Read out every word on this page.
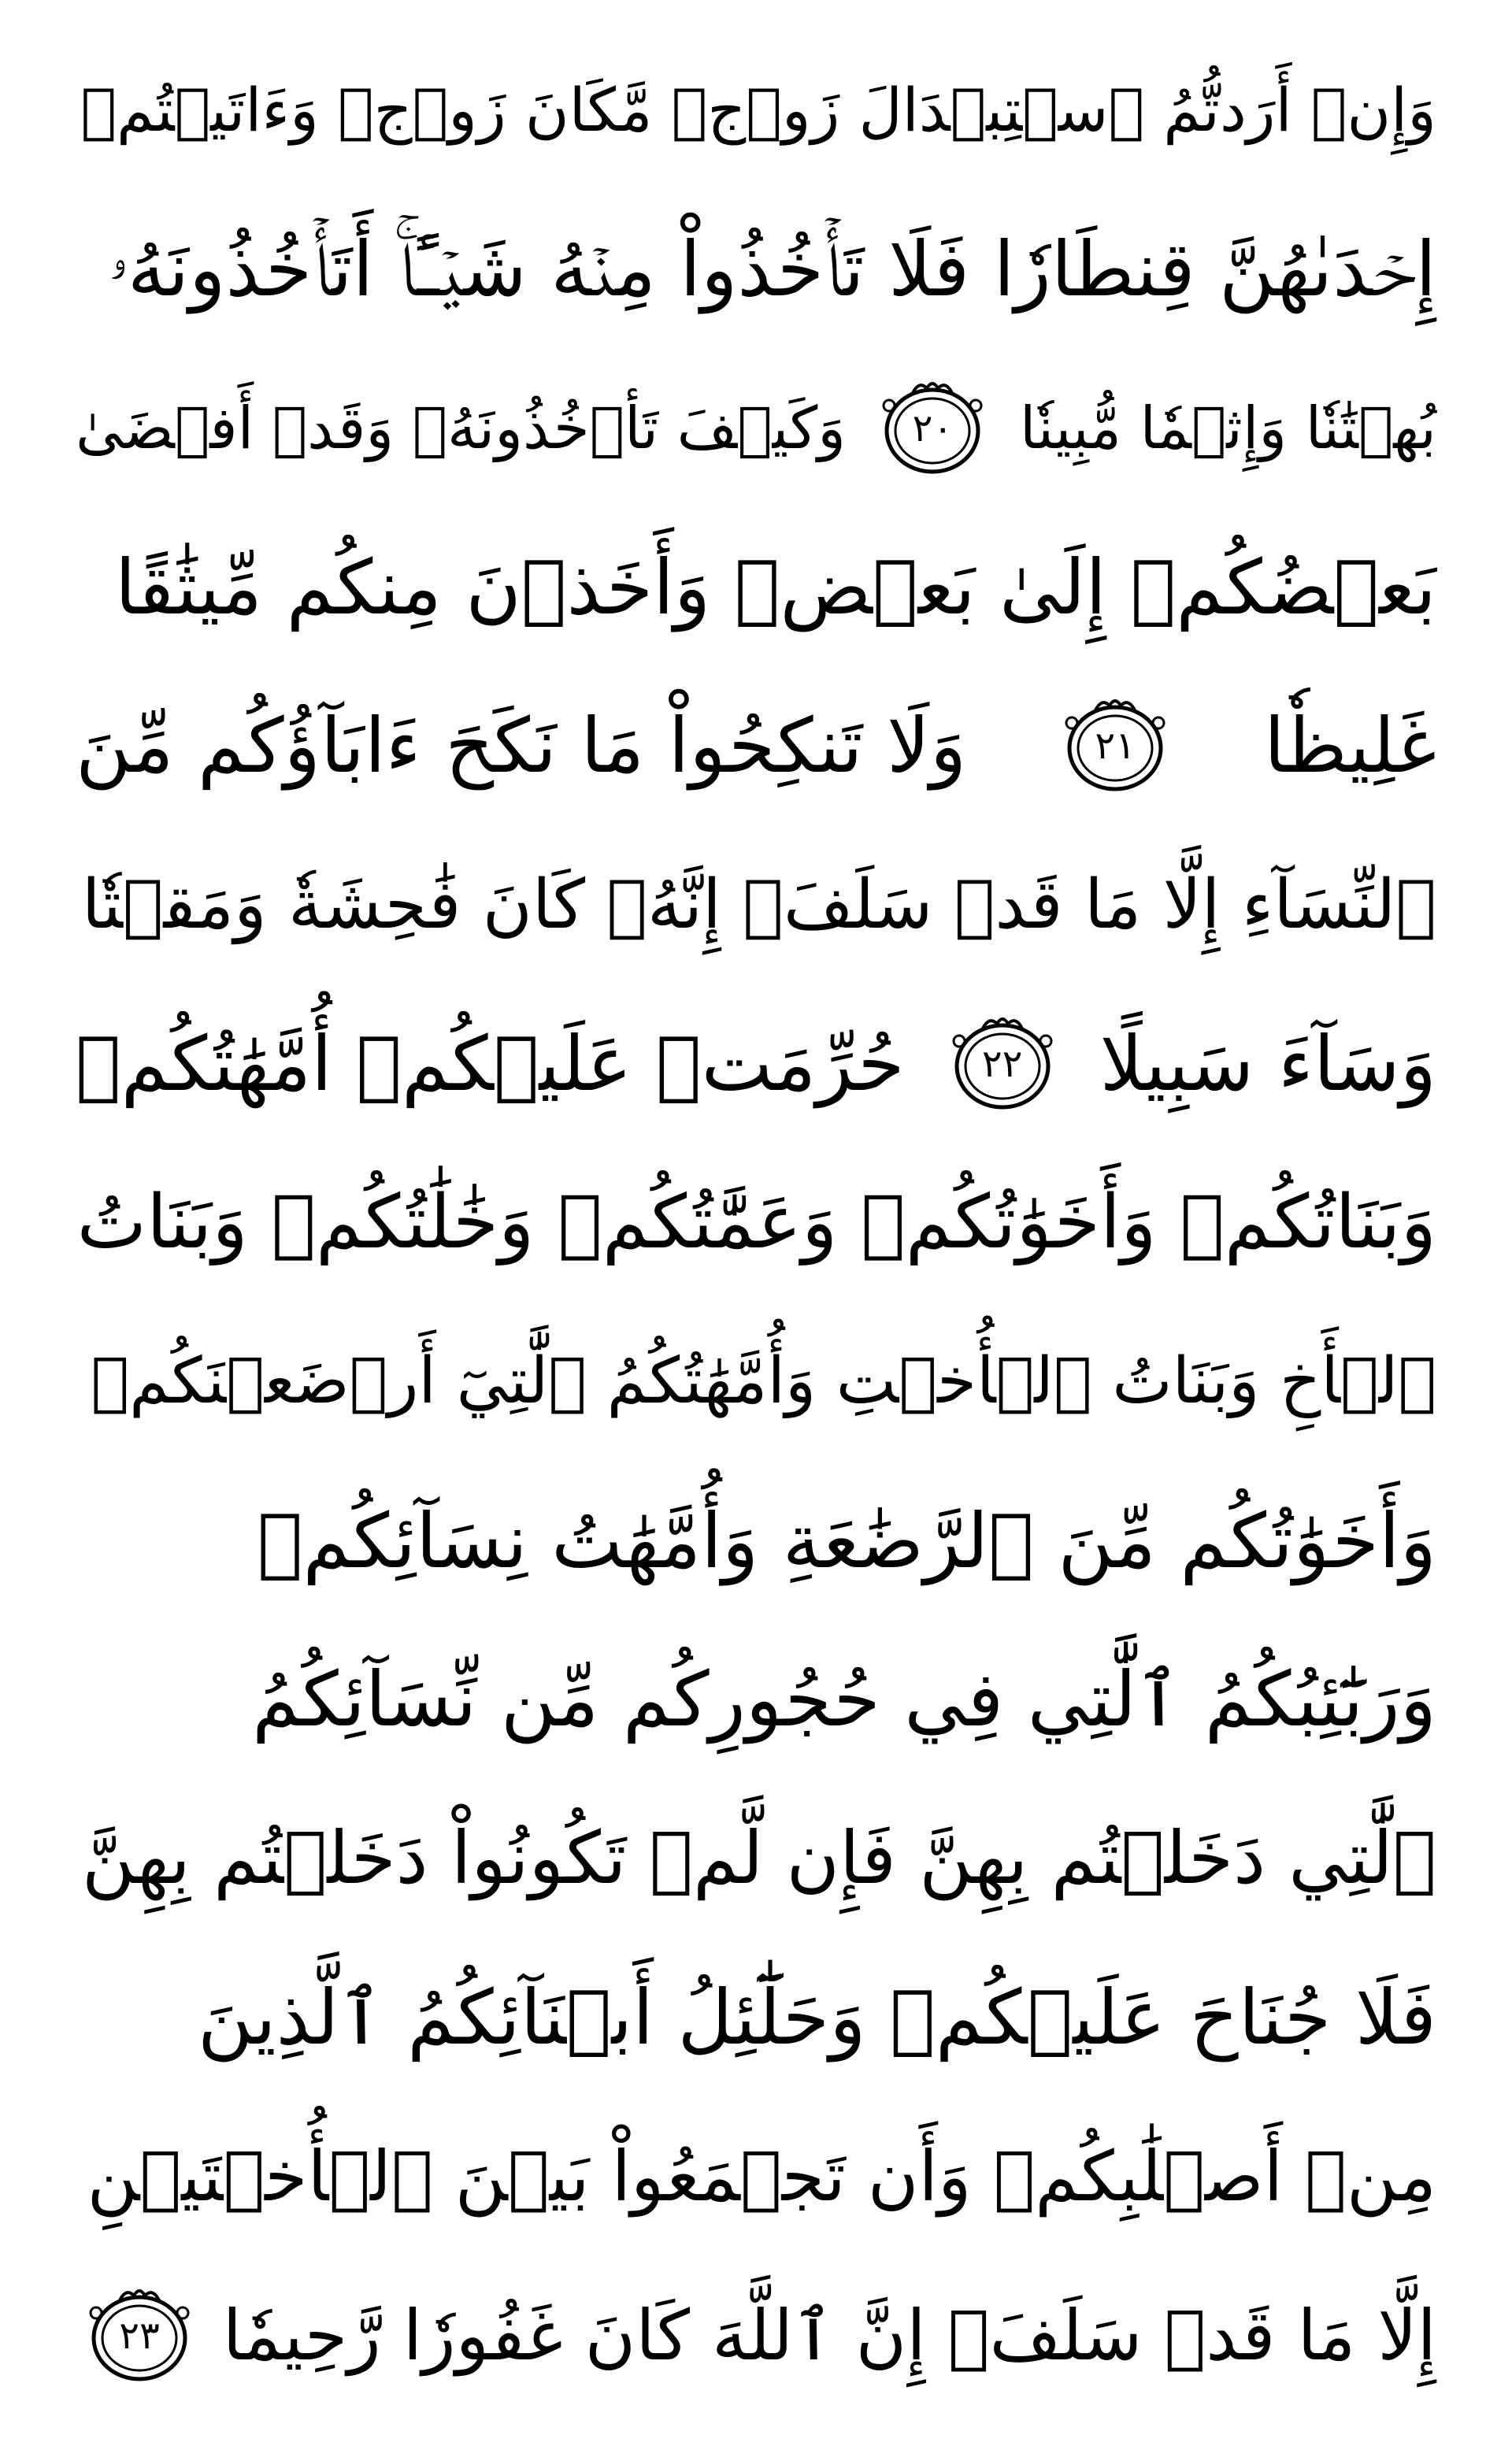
وَإِنۡ أَرَدتُّمُ ٱسۡتِبۡدَالَ زَوۡجٖ مَّكَانَ زَوۡجٖ وَءَاتَيۡتُمۡ
إِحۡدَىٰهُنَّ قِنطَارٗا فَلَا تَأۡخُذُواْ مِنۡهُ شَيۡـًٔاۚ أَتَأۡخُذُونَهُۥ
بُهۡتَٰنٗا وَإِثۡمٗا مُّبِينٗا
٢٠
وَكَيۡفَ تَأۡخُذُونَهُۥ وَقَدۡ أَفۡضَىٰ
بَعۡضُكُمۡ إِلَىٰ بَعۡضٖ وَأَخَذۡنَ مِنكُم مِّيثَٰقًا
غَلِيظٗا
٢١
وَلَا تَنكِحُواْ مَا نَكَحَ ءَابَآؤُكُم مِّنَ
ٱلنِّسَآءِ إِلَّا مَا قَدۡ سَلَفَۚ إِنَّهُۥ كَانَ فَٰحِشَةٗ وَمَقۡتٗا
وَسَآءَ سَبِيلًا
٢٢
حُرِّمَتۡ عَلَيۡكُمۡ أُمَّهَٰتُكُمۡ
وَبَنَاتُكُمۡ وَأَخَوَٰتُكُمۡ وَعَمَّٰتُكُمۡ وَخَٰلَٰتُكُمۡ وَبَنَاتُ
ٱلۡأَخِ وَبَنَاتُ ٱلۡأُخۡتِ وَأُمَّهَٰتُكُمُ ٱلَّٰتِيٓ أَرۡضَعۡنَكُمۡ
وَأَخَوَٰتُكُم مِّنَ ٱلرَّضَٰعَةِ وَأُمَّهَٰتُ نِسَآئِكُمۡ
وَرَبَٰٓئِبُكُمُ ٱلَّٰتِي فِي حُجُورِكُم مِّن نِّسَآئِكُمُ
ٱلَّٰتِي دَخَلۡتُم بِهِنَّ فَإِن لَّمۡ تَكُونُواْ دَخَلۡتُم بِهِنَّ
فَلَا جُنَاحَ عَلَيۡكُمۡ وَحَلَٰٓئِلُ أَبۡنَآئِكُمُ ٱلَّذِينَ
مِنۡ أَصۡلَٰبِكُمۡ وَأَن تَجۡمَعُواْ بَيۡنَ ٱلۡأُخۡتَيۡنِ
إِلَّا مَا قَدۡ سَلَفَۗ إِنَّ ٱللَّهَ كَانَ غَفُورٗا رَّحِيمٗا
٢٣
